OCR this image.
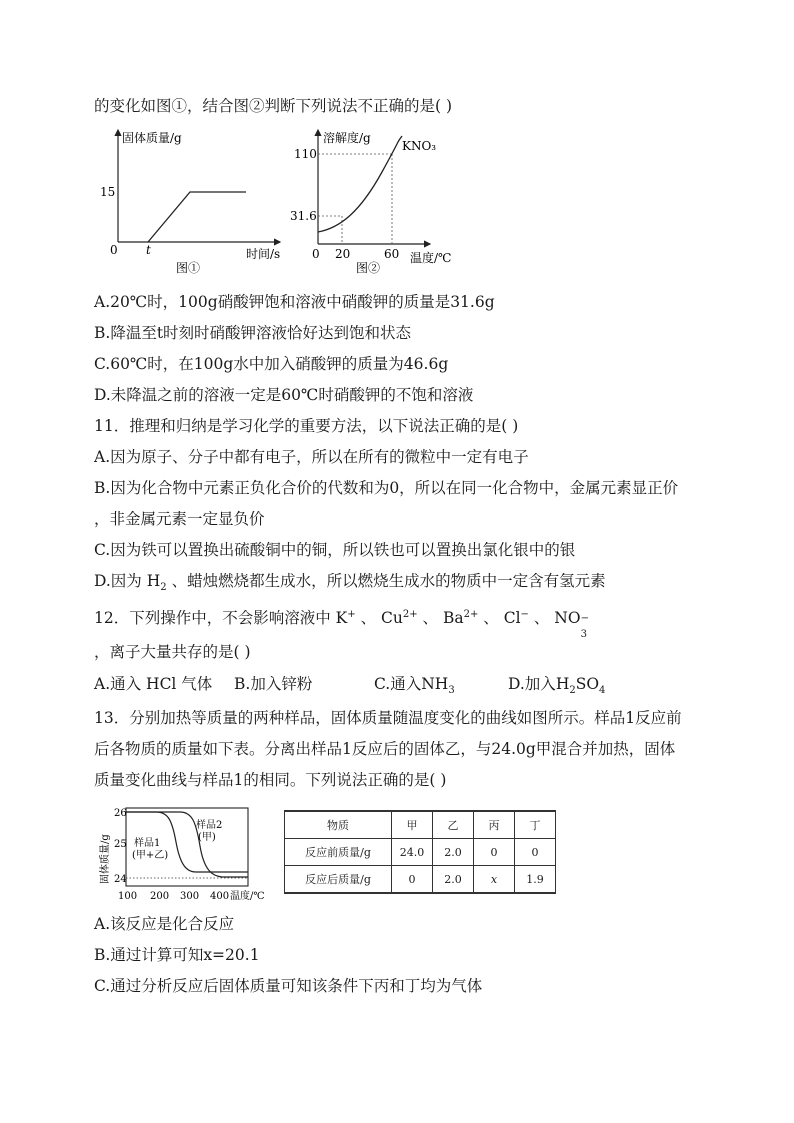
的变化如图①，结合图②判断下列说法不正确的是( )
固体质量/g
15
0 t	时间/s
图①
溶解度/g
KNO₃
110
31.6
0 20	60 温度/℃
图②
A.20℃时，100g硝酸钾饱和溶液中硝酸钾的质量是31.6g
B.降温至t时刻时硝酸钾溶液恰好达到饱和状态
C.60℃时，在100g水中加入硝酸钾的质量为46.6g
D.未降温之前的溶液一定是60℃时硝酸钾的不饱和溶液
11．推理和归纳是学习化学的重要方法，以下说法正确的是( )
A.因为原子、分子中都有电子，所以在所有的微粒中一定有电子
B.因为化合物中元素正负化合价的代数和为0，所以在同一化合物中，金属元素显正价
，非金属元素一定显负价
C.因为铁可以置换出硫酸铜中的铜，所以铁也可以置换出氯化银中的银
D.因为 $H_2$ 、蜡烛燃烧都生成水，所以燃烧生成水的物质中一定含有氢元素
12．下列操作中，不会影响溶液中 K+ 、 $Cu^{2+}$ 、 $Ba^{2+}$ 、 Cl− 、 NO −
3
，离子大量共存的是( )
A.通入 HCl 气体 B.加入锌粉	C.通入$NH_3$	D.加入$H_2SO_4$
13．分别加热等质量的两种样品，固体质量随温度变化的曲线如图所示。样品1反应前
后各物质的质量如下表。分离出样品1反应后的固体乙，与24.0g甲混合并加热，固体
质量变化曲线与样品1的相同。下列说法正确的是( )
固体质量/g
26
25
24
样品1
(甲+乙)
样品2
(甲)
100 200 300 400 温度/℃
物质	甲	乙	丙	丁
反应前质量/g	24.0	2.0	0	0
反应后质量/g	0	2.0	x	1.9
A.该反应是化合反应
B.通过计算可知x=20.1
C.通过分析反应后固体质量可知该条件下丙和丁均为气体
